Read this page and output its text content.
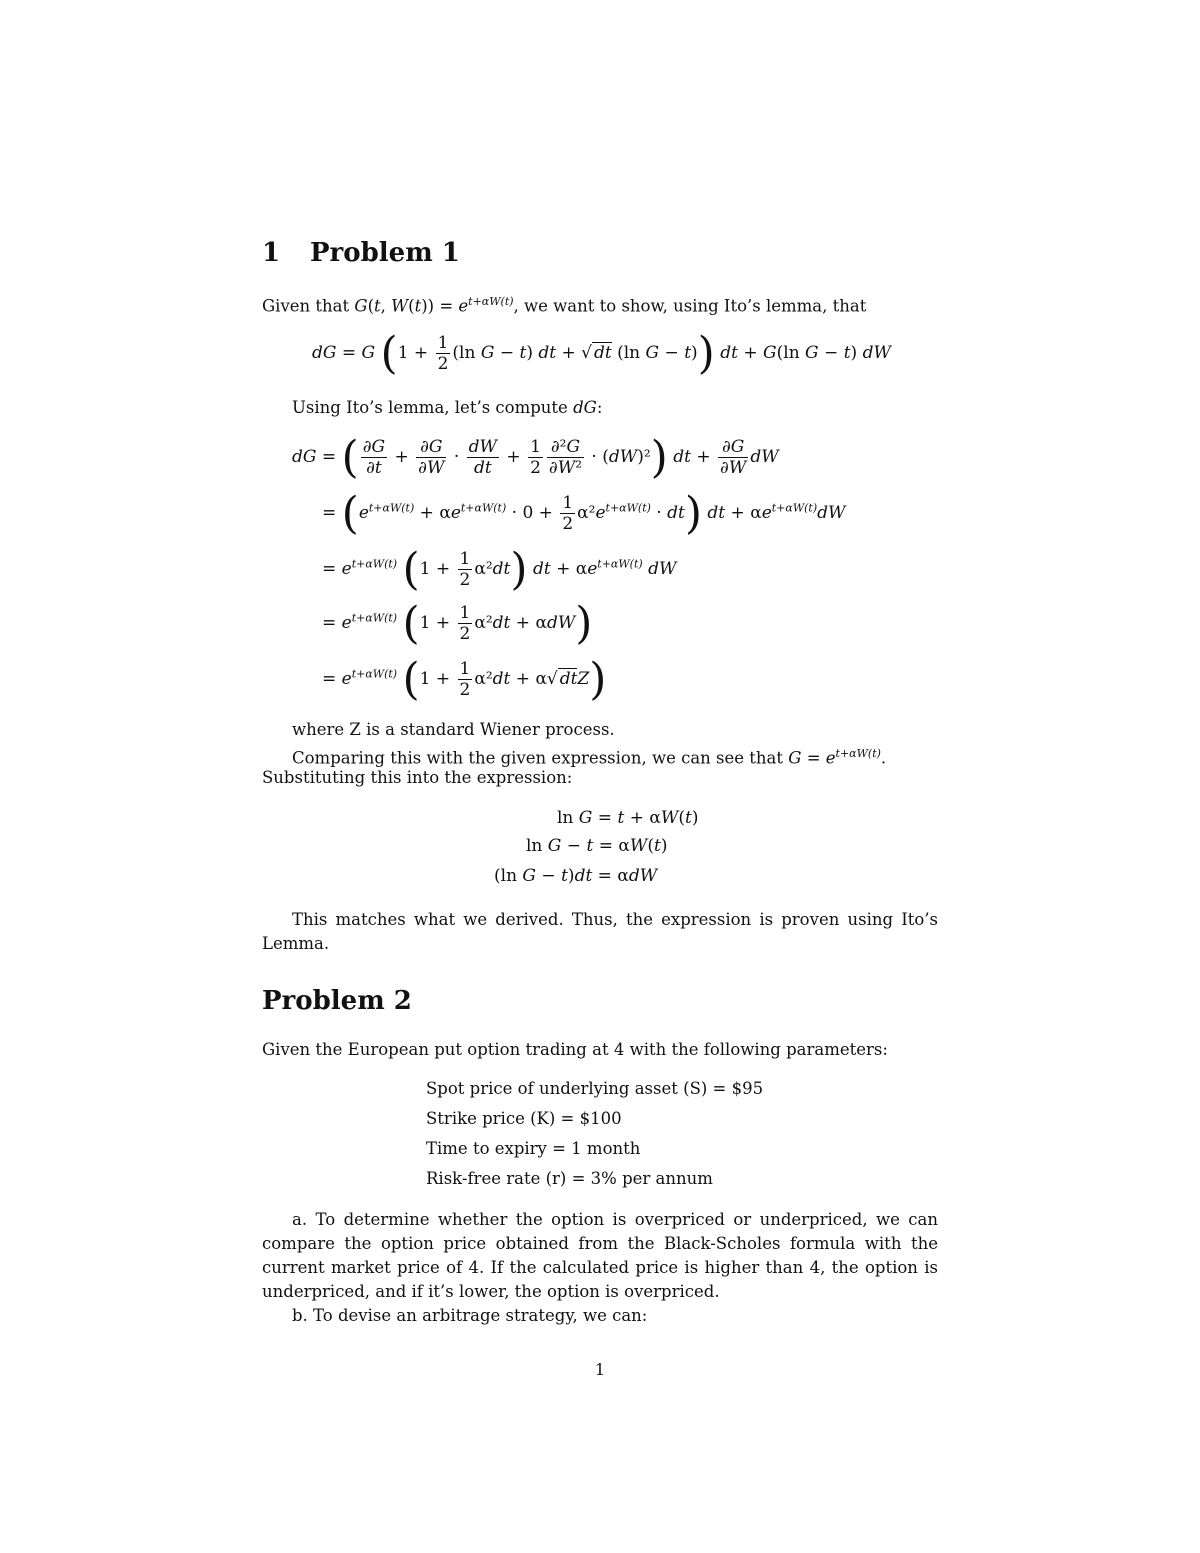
1 Problem 1
Given that G(t, $W(t)) = e^{t+\alpha W(t)}$, we want to show, using Ito’s lemma, that
dG = G ($1 + \frac{1}{2} (\ln$ G − t) dt + √ dt (ln G − t)) dt + G(ln G − t) dW
Using Ito’s lemma, let’s compute dG:
dG = ( $\frac{\partial G}{\partial t} + \frac{\partial G}{\partial W} \cdot \frac{dW}{dt} + \frac{1}{2} \frac{\text{∂²G}}{\text{∂W²}} \cdot (dW)^2$) dt + $\frac{\partial G}{\partial W}$ dW
= $(e^{t+\alpha W(t)} + \alpha e^{t+\alpha W(t)} \cdot 0 + \frac{1}{2} \alpha^2e^{t+\alpha W(t)} \cdot dt)$ dt + $\alpha e^{t+\alpha W(t)}dW$
= $e^{t+\alpha W(t)}$ $(1 + \frac{1}{2} \alpha^2dt)$ dt + $\alpha e^{t+\alpha W(t)}$ dW
= $e^{t+\alpha W(t)}$ $(1 + \frac{1}{2} \alpha^2dt + \alpha dW)$
= $e^{t+\alpha W(t)}$ ($1 + \frac{1}{2} \alpha^2dt + \alpha√$ dtZ)
where Z is a standard Wiener process.
Comparing this with the given expression, we can see that $G = e^{t+\alpha W(t)}$.
Substituting this into the expression:
ln G = t + αW(t)
ln G − t = αW(t)
(ln G − t)dt = αdW
This matches what we derived. Thus, the expression is proven using Ito’s Lemma.
Problem 2
Given the European put option trading at 4 with the following parameters:
Spot price of underlying asset (S) = $95
Strike price (K) = $100
Time to expiry = 1 month
Risk-free rate (r) = 3% per annum
a. To determine whether the option is overpriced or underpriced, we can compare the option price obtained from the Black-Scholes formula with the current market price of 4. If the calculated price is higher than 4, the option is underpriced, and if it’s lower, the option is overpriced.
b. To devise an arbitrage strategy, we can:
1
